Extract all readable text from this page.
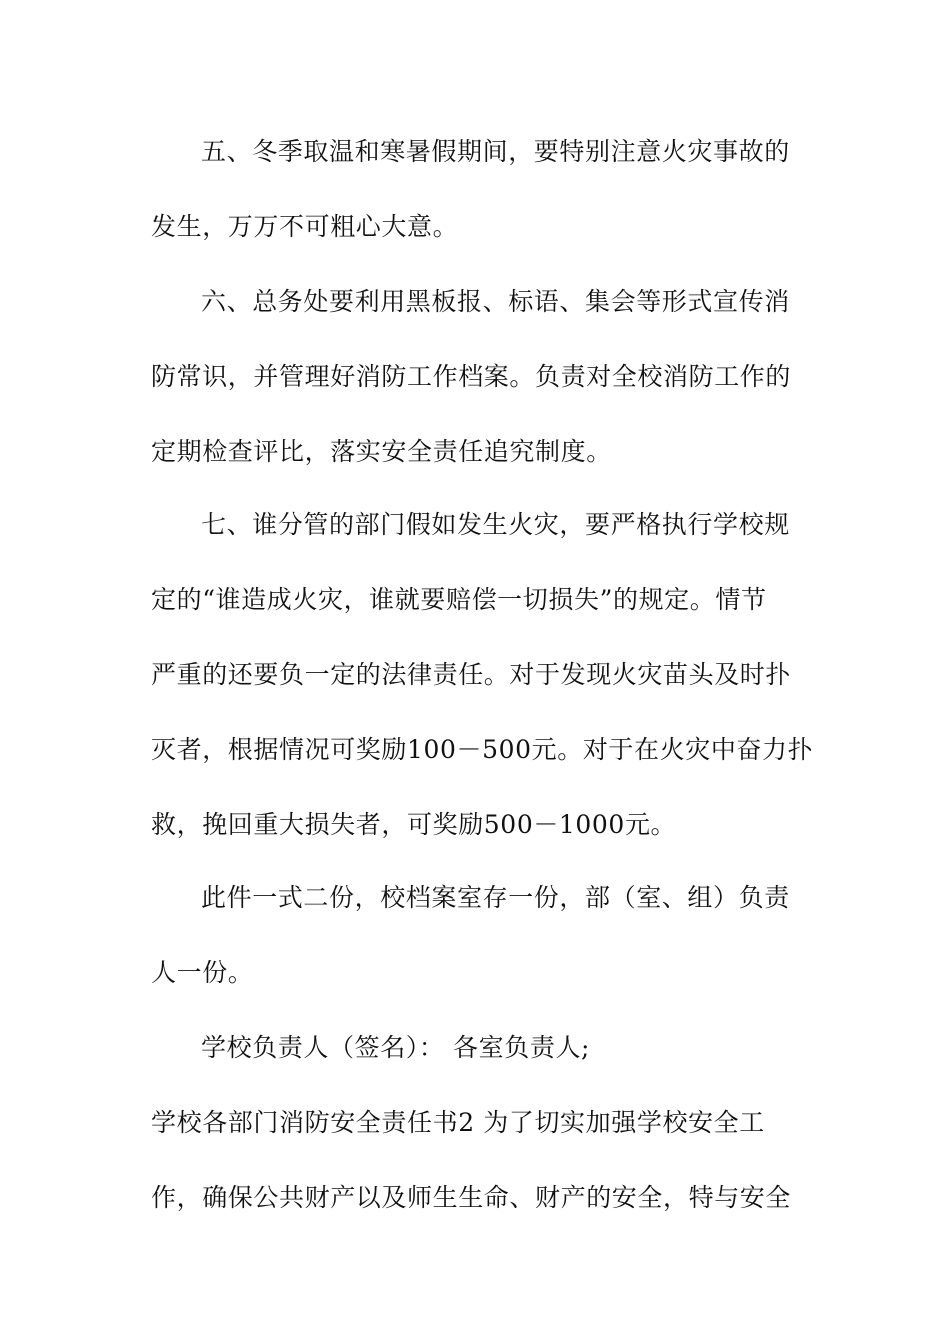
五、冬季取温和寒暑假期间，要特别注意火灾事故的
发生，万万不可粗心大意。
六、总务处要利用黑板报、标语、集会等形式宣传消
防常识，并管理好消防工作档案。负责对全校消防工作的
定期检查评比，落实安全责任追究制度。
七、谁分管的部门假如发生火灾，要严格执行学校规
定的“谁造成火灾，谁就要赔偿一切损失”的规定。情节
严重的还要负一定的法律责任。对于发现火灾苗头及时扑
灭者，根据情况可奖励100－500元。对于在火灾中奋力扑
救，挽回重大损失者，可奖励500－1000元。
此件一式二份，校档案室存一份，部（室、组）负责
人一份。
学校负责人（签名）： 各室负责人;
学校各部门消防安全责任书2 为了切实加强学校安全工
作，确保公共财产以及师生生命、财产的安全，特与安全
